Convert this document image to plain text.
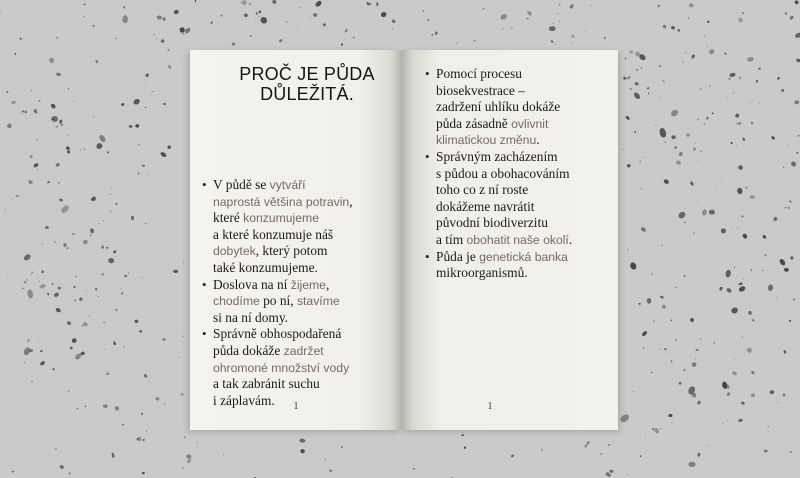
PROČ JE PŮDA
DŮLEŽITÁ.
• V půdě se vytváří
naprostá většina potravin,
které konzumujeme
a které konzumuje náš
dobytek, který potom
také konzumujeme.
• Doslova na ní žijeme,
chodíme po ní, stavíme
si na ní domy.
• Správně obhospodařená
půda dokáže zadržet
ohromoné množství vody
a tak zabránit suchu
i záplavám.	1
• Pomocí procesu
biosekvestrace –
zadržení uhlíku dokáže
půda zásadně ovlivnit
klimatickou změnu.
• Správným zacházením
s půdou a obohacováním
toho co z ní roste
dokážeme navrátit
původní biodiverzitu
a tím obohatit naše okolí.
• Půda je genetická banka
mikroorganismů.
1
